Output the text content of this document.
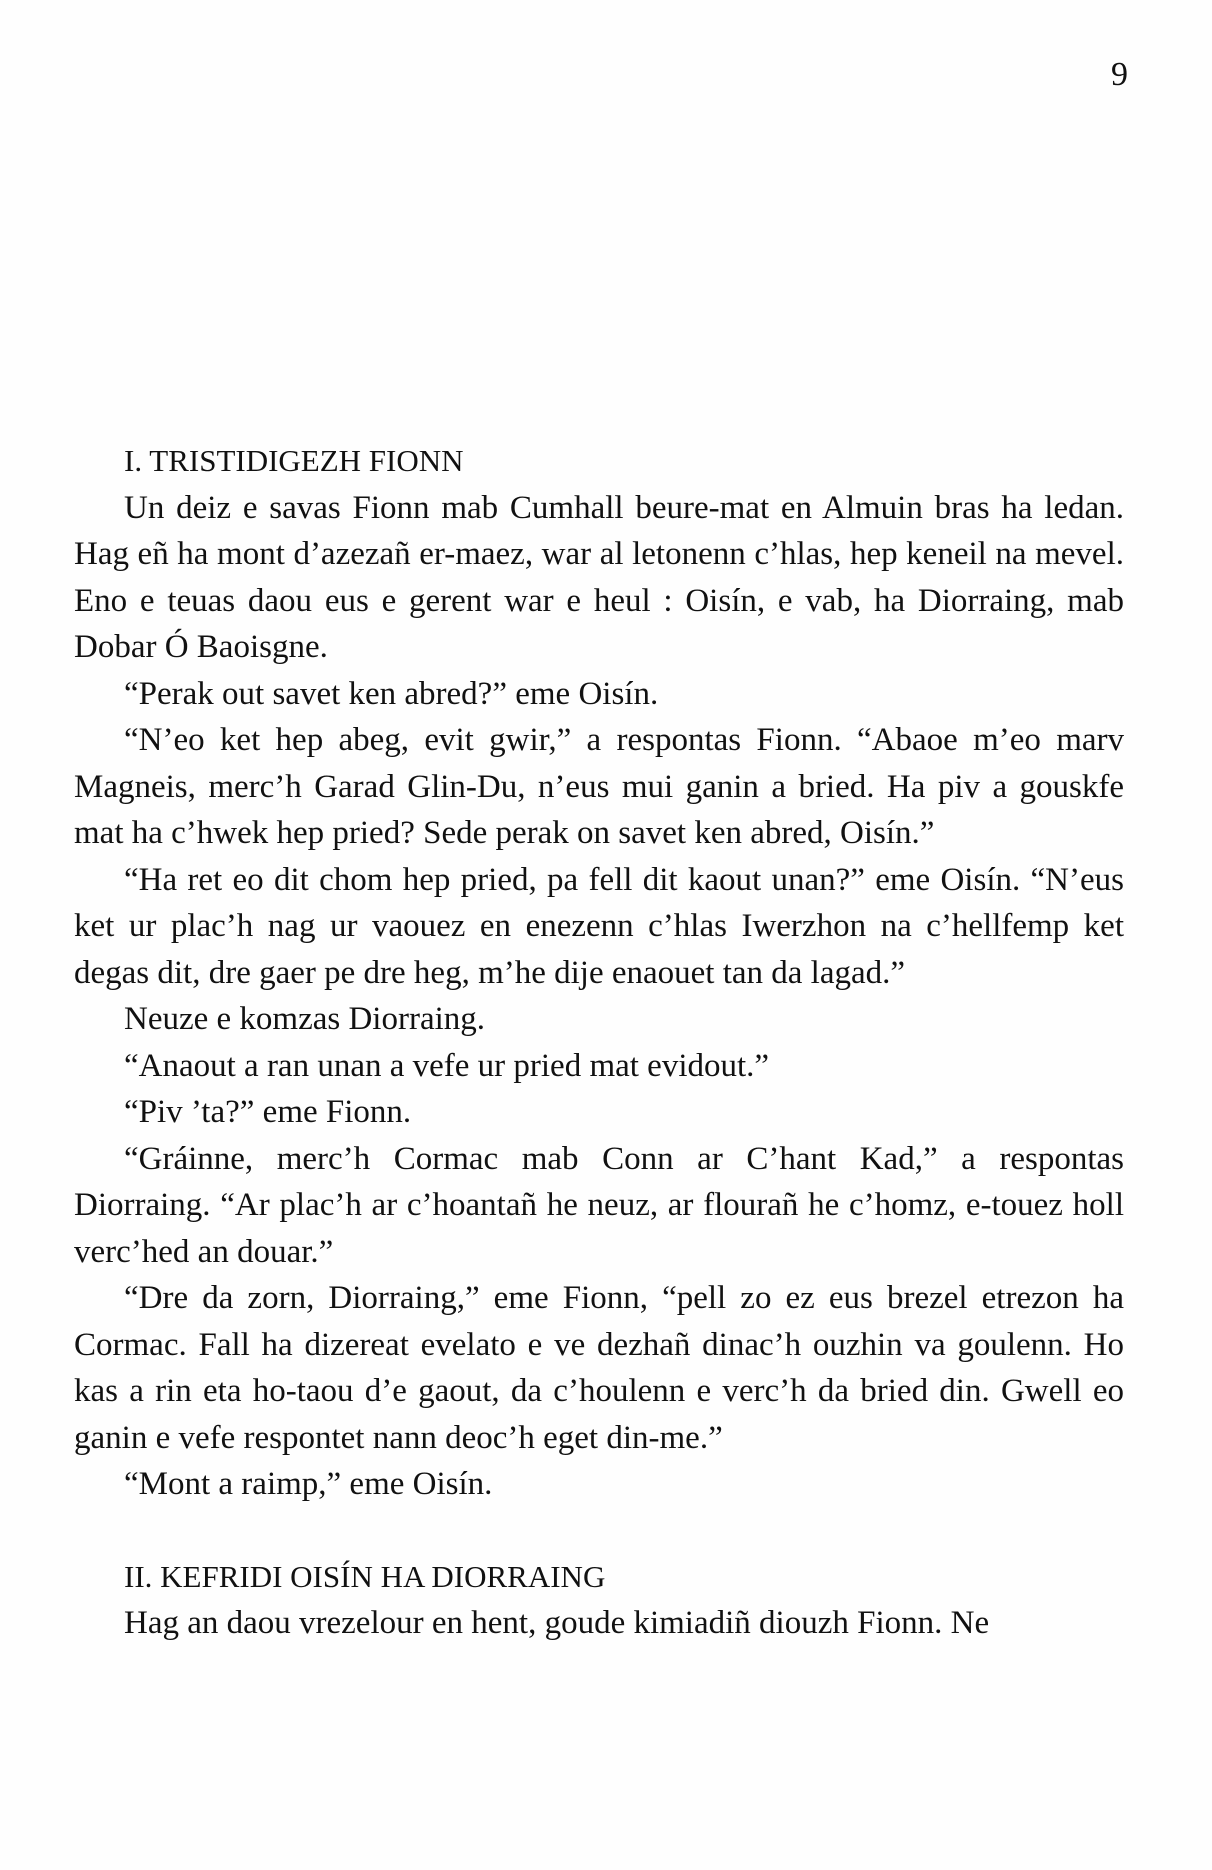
9
I. TRISTIDIGEZH FIONN

Un deiz e savas Fionn mab Cumhall beure-mat en Almuin bras ha ledan. Hag eñ ha mont d’azezañ er-maez, war al letonenn c’hlas, hep keneil na mevel. Eno e teuas daou eus e gerent war e heul : Oisín, e vab, ha Diorraing, mab Dobar Ó Baoisgne.

“Perak out savet ken abred?” eme Oisín.

“N’eo ket hep abeg, evit gwir,” a respontas Fionn. “Abaoe m’eo marv Magneis, merc’h Garad Glin-Du, n’eus mui ganin a bried. Ha piv a gouskfe mat ha c’hwek hep pried? Sede perak on savet ken abred, Oisín.”

“Ha ret eo dit chom hep pried, pa fell dit kaout unan?” eme Oisín. “N’eus ket ur plac’h nag ur vaouez en enezenn c’hlas Iwerzhon na c’hellfemp ket degas dit, dre gaer pe dre heg, m’he dije enaouet tan da lagad.”

Neuze e komzas Diorraing.

“Anaout a ran unan a vefe ur pried mat evidout.”

“Piv ’ta?” eme Fionn.

“Gráinne, merc’h Cormac mab Conn ar C’hant Kad,” a respontas Diorraing. “Ar plac’h ar c’hoantañ he neuz, ar flourañ he c’homz, e-touez holl verc’hed an douar.”

“Dre da zorn, Diorraing,” eme Fionn, “pell zo ez eus brezel etrezon ha Cormac. Fall ha dizereat evelato e ve dezhañ dinac’h ouzhin va goulenn. Ho kas a rin eta ho-taou d’e gaout, da c’houlenn e verc’h da bried din. Gwell eo ganin e vefe respontet nann deoc’h eget din-me.”

“Mont a raimp,” eme Oisín.

II. KEFRIDI OISÍN HA DIORRAING

Hag an daou vrezelour en hent, goude kimiadiñ diouzh Fionn. Ne
